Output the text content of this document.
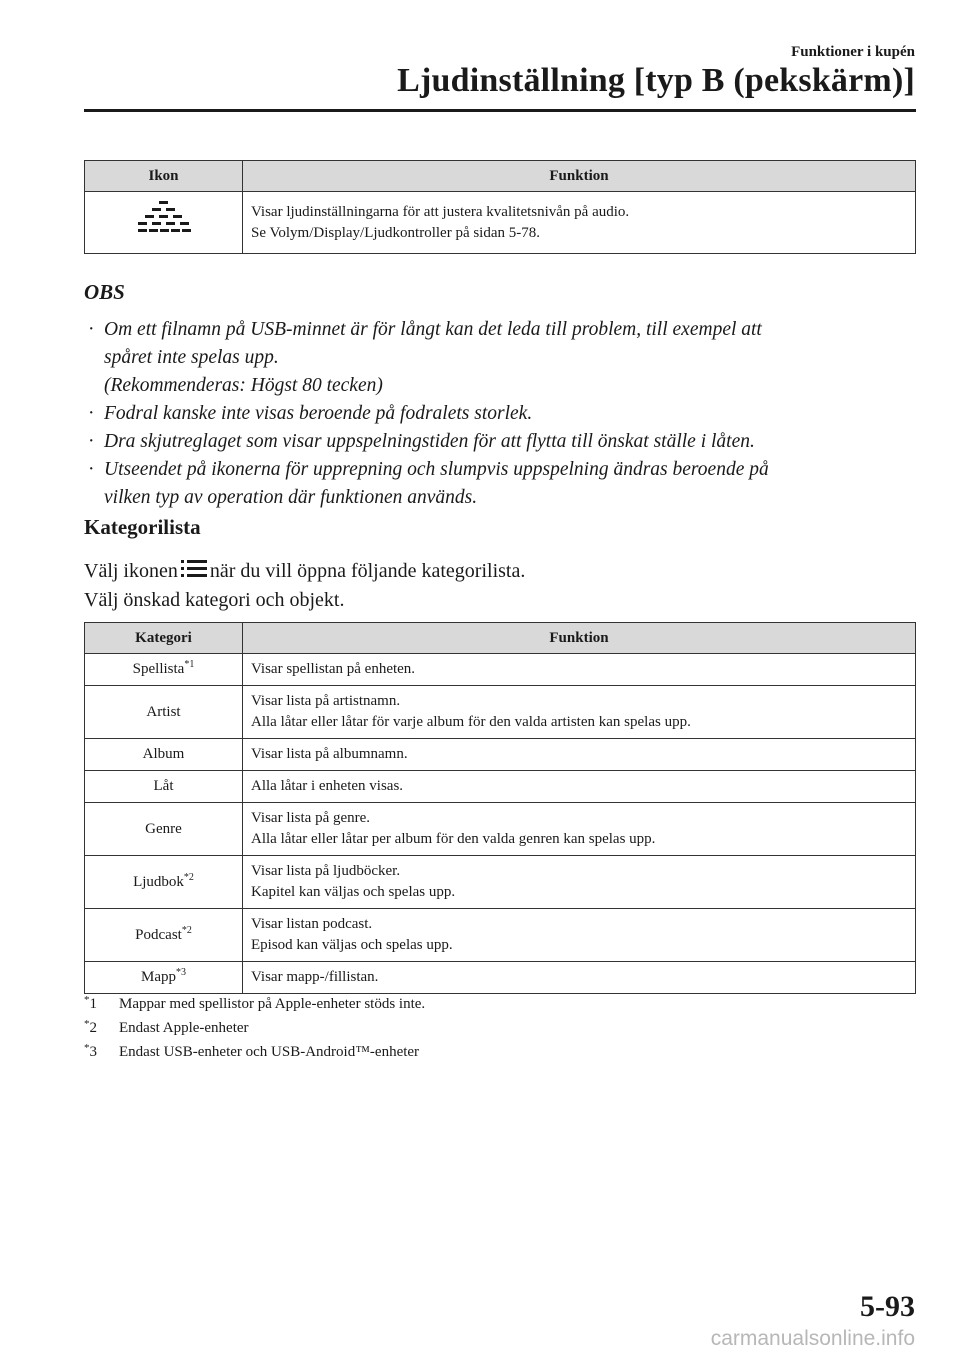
Funktioner i kupén
Ljudinställning [typ B (pekskärm)]
Ikon	Funktion

Visar ljudinställningarna för att justera kvalitetsnivån på audio.
Se Volym/Display/Ljudkontroller på sidan 5-78.
OBS
· Om ett filnamn på USB-minnet är för långt kan det leda till problem, till exempel att
spåret inte spelas upp.
(Rekommenderas: Högst 80 tecken)
· Fodral kanske inte visas beroende på fodralets storlek.
· Dra skjutreglaget som visar uppspelningstiden för att flytta till önskat ställe i låten.
· Utseendet på ikonerna för upprepning och slumpvis uppspelning ändras beroende på
vilken typ av operation där funktionen används.
Kategorilista
Välj ikonen när du vill öppna följande kategorilista.
Välj önskad kategori och objekt.
Kategori	Funktion
Spellista$^{*1}$	Visar spellistan på enheten.

Artist	Visar lista på artistnamn.
Alla låtar eller låtar för varje album för den valda artisten kan spelas upp.

Album	Visar lista på albumnamn.

Låt	Alla låtar i enheten visas.

Genre	Visar lista på genre.
Alla låtar eller låtar per album för den valda genren kan spelas upp.

Ljudbok$^{*2}$	Visar lista på ljudböcker.
Kapitel kan väljas och spelas upp.

Podcast$^{*2}$	Visar listan podcast.
Episod kan väljas och spelas upp.

Mapp$^{*3}$	Visar mapp-/fillistan.
*1 Mappar med spellistor på Apple-enheter stöds inte.
*2 Endast Apple-enheter
*3 Endast USB-enheter och USB-Android™-enheter
5-93
carmanualsonline.info
